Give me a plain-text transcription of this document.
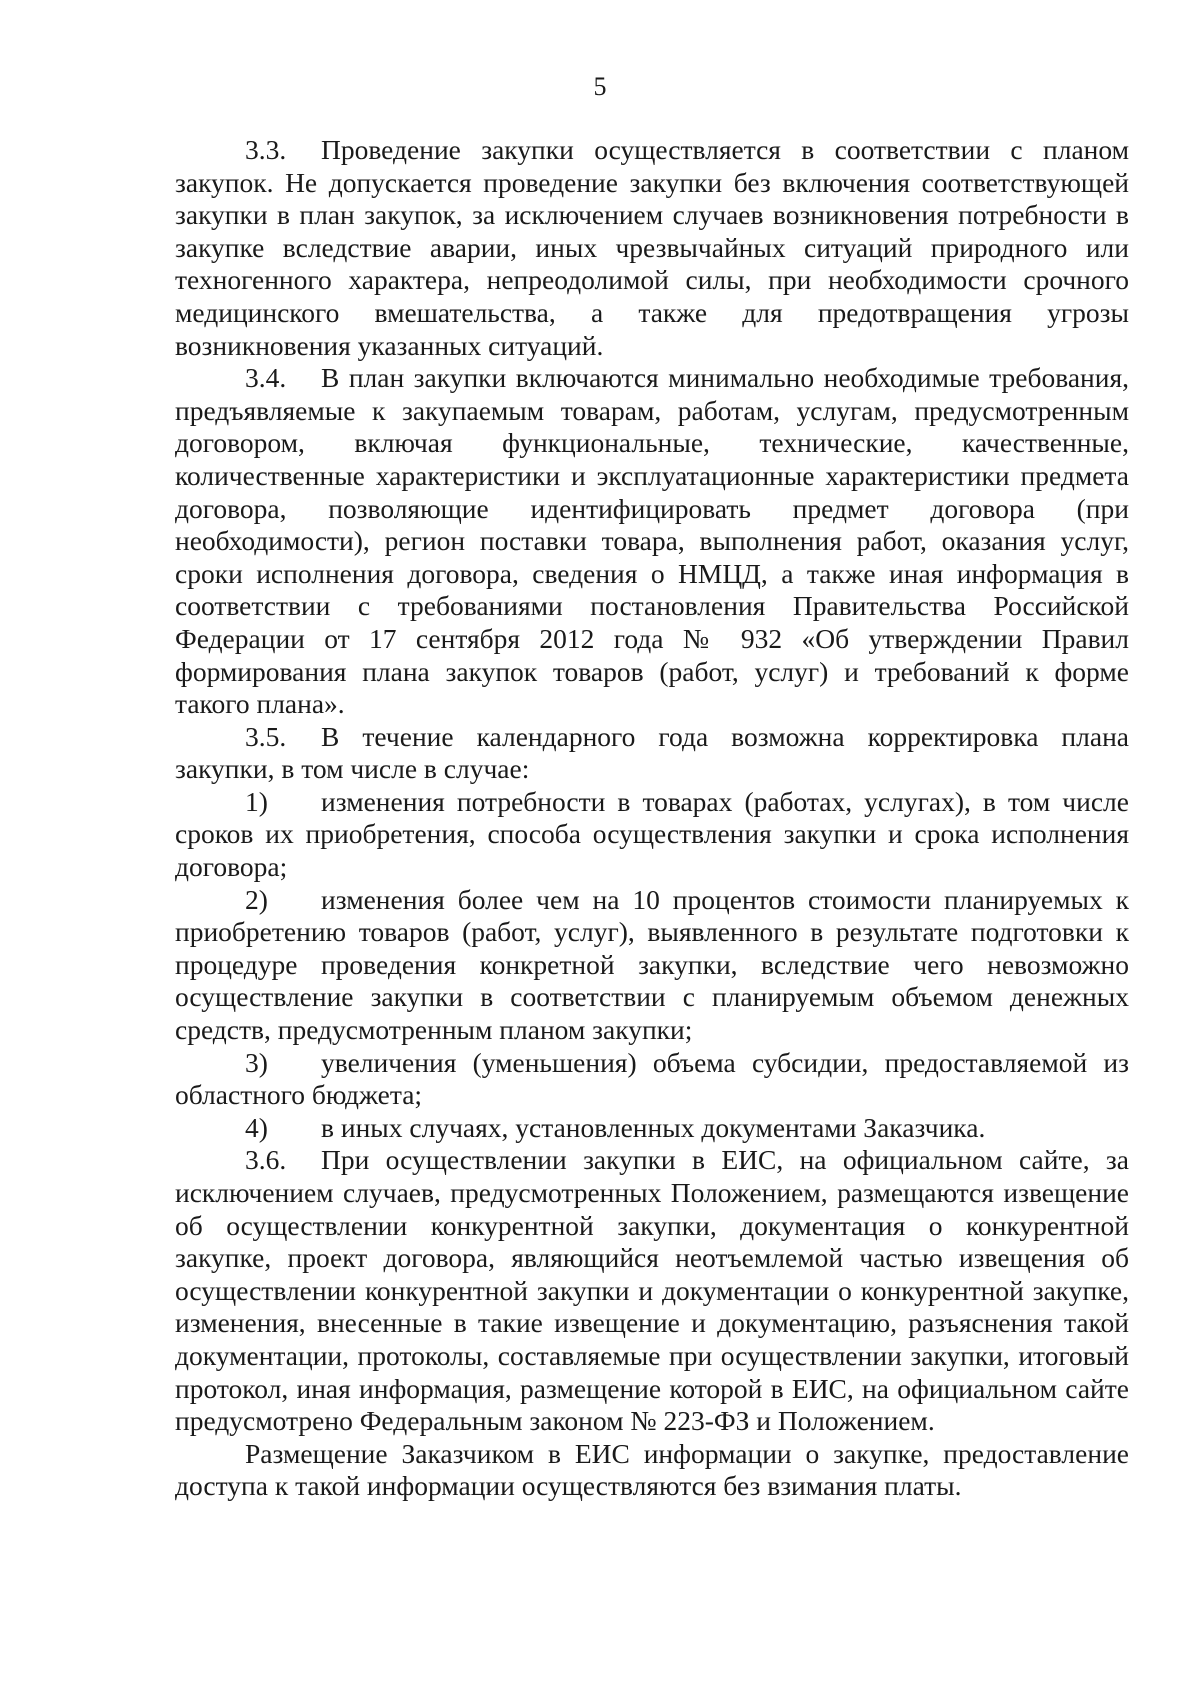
5

3.3. Проведение закупки осуществляется в соответствии с планом закупок. Не допускается проведение закупки без включения соответствующей закупки в план закупок, за исключением случаев возникновения потребности в закупке вследствие аварии, иных чрезвычайных ситуаций природного или техногенного характера, непреодолимой силы, при необходимости срочного медицинского вмешательства, а также для предотвращения угрозы возникновения указанных ситуаций.

3.4. В план закупки включаются минимально необходимые требования, предъявляемые к закупаемым товарам, работам, услугам, предусмотренным договором, включая функциональные, технические, качественные, количественные характеристики и эксплуатационные характеристики предмета договора, позволяющие идентифицировать предмет договора (при необходимости), регион поставки товара, выполнения работ, оказания услуг, сроки исполнения договора, сведения о НМЦД, а также иная информация в соответствии с требованиями постановления Правительства Российской Федерации от 17 сентября 2012 года № 932 «Об утверждении Правил формирования плана закупок товаров (работ, услуг) и требований к форме такого плана».

3.5. В течение календарного года возможна корректировка плана закупки, в том числе в случае:

1) изменения потребности в товарах (работах, услугах), в том числе сроков их приобретения, способа осуществления закупки и срока исполнения договора;

2) изменения более чем на 10 процентов стоимости планируемых к приобретению товаров (работ, услуг), выявленного в результате подготовки к процедуре проведения конкретной закупки, вследствие чего невозможно осуществление закупки в соответствии с планируемым объемом денежных средств, предусмотренным планом закупки;

3) увеличения (уменьшения) объема субсидии, предоставляемой из областного бюджета;

4) в иных случаях, установленных документами Заказчика.

3.6. При осуществлении закупки в ЕИС, на официальном сайте, за исключением случаев, предусмотренных Положением, размещаются извещение об осуществлении конкурентной закупки, документация о конкурентной закупке, проект договора, являющийся неотъемлемой частью извещения об осуществлении конкурентной закупки и документации о конкурентной закупке, изменения, внесенные в такие извещение и документацию, разъяснения такой документации, протоколы, составляемые при осуществлении закупки, итоговый протокол, иная информация, размещение которой в ЕИС, на официальном сайте предусмотрено Федеральным законом № 223-ФЗ и Положением.

Размещение Заказчиком в ЕИС информации о закупке, предоставление доступа к такой информации осуществляются без взимания платы.
